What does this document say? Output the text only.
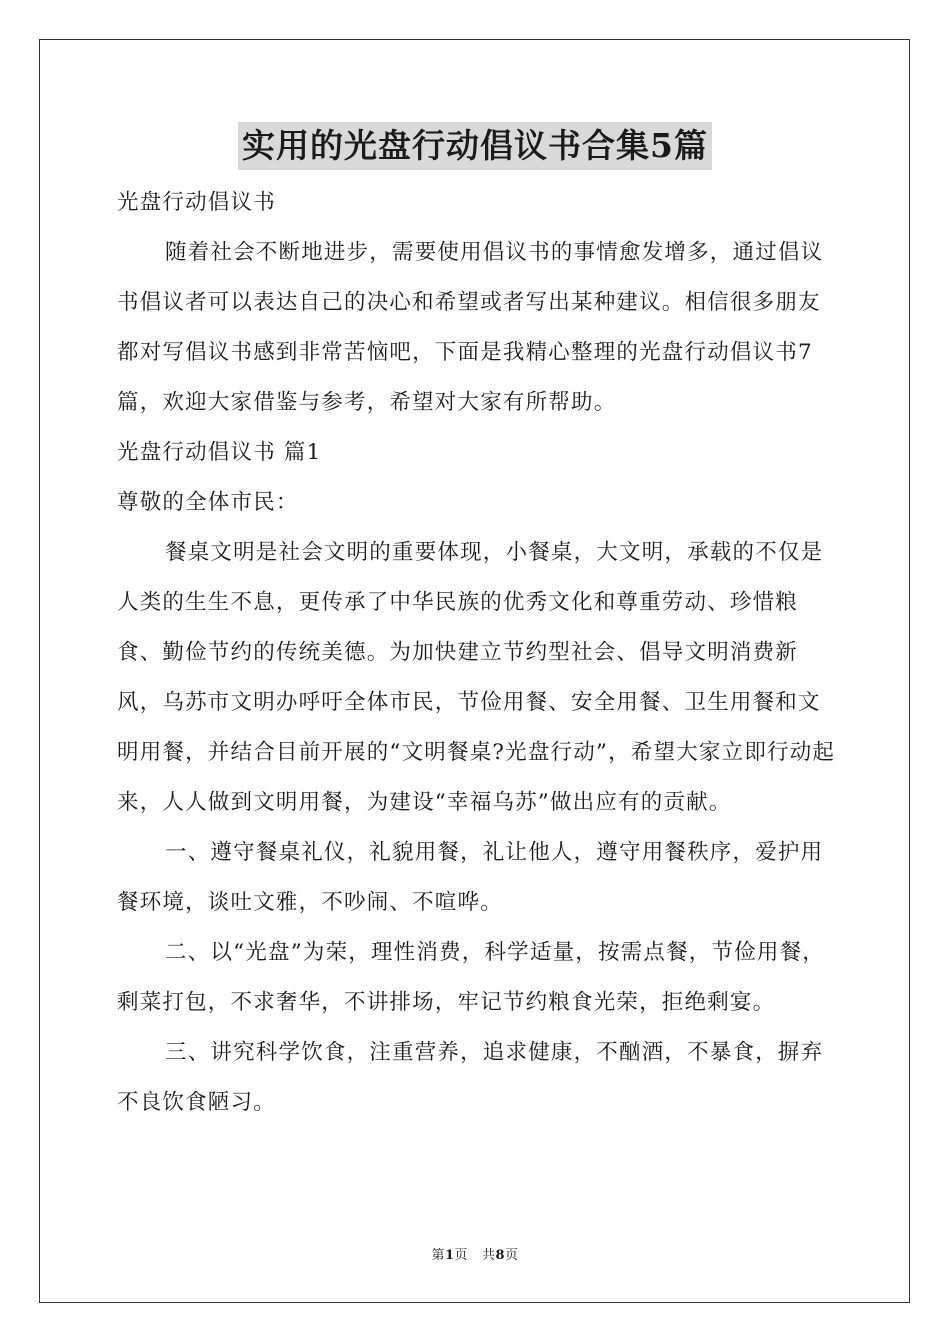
实用的光盘行动倡议书合集5篇

光盘行动倡议书

随着社会不断地进步，需要使用倡议书的事情愈发增多，通过倡议书倡议者可以表达自己的决心和希望或者写出某种建议。相信很多朋友都对写倡议书感到非常苦恼吧，下面是我精心整理的光盘行动倡议书7篇，欢迎大家借鉴与参考，希望对大家有所帮助。

光盘行动倡议书 篇1

尊敬的全体市民：

餐桌文明是社会文明的重要体现，小餐桌，大文明，承载的不仅是人类的生生不息，更传承了中华民族的优秀文化和尊重劳动、珍惜粮食、勤俭节约的传统美德。为加快建立节约型社会、倡导文明消费新风，乌苏市文明办呼吁全体市民，节俭用餐、安全用餐、卫生用餐和文明用餐，并结合目前开展的“文明餐桌?光盘行动”，希望大家立即行动起来，人人做到文明用餐，为建设“幸福乌苏”做出应有的贡献。

一、遵守餐桌礼仪，礼貌用餐，礼让他人，遵守用餐秩序，爱护用餐环境，谈吐文雅，不吵闹、不喧哗。

二、以“光盘”为荣，理性消费，科学适量，按需点餐，节俭用餐，剩菜打包，不求奢华，不讲排场，牢记节约粮食光荣，拒绝剩宴。

三、讲究科学饮食，注重营养，追求健康，不酗酒，不暴食，摒弃不良饮食陋习。

第1页 共8页
